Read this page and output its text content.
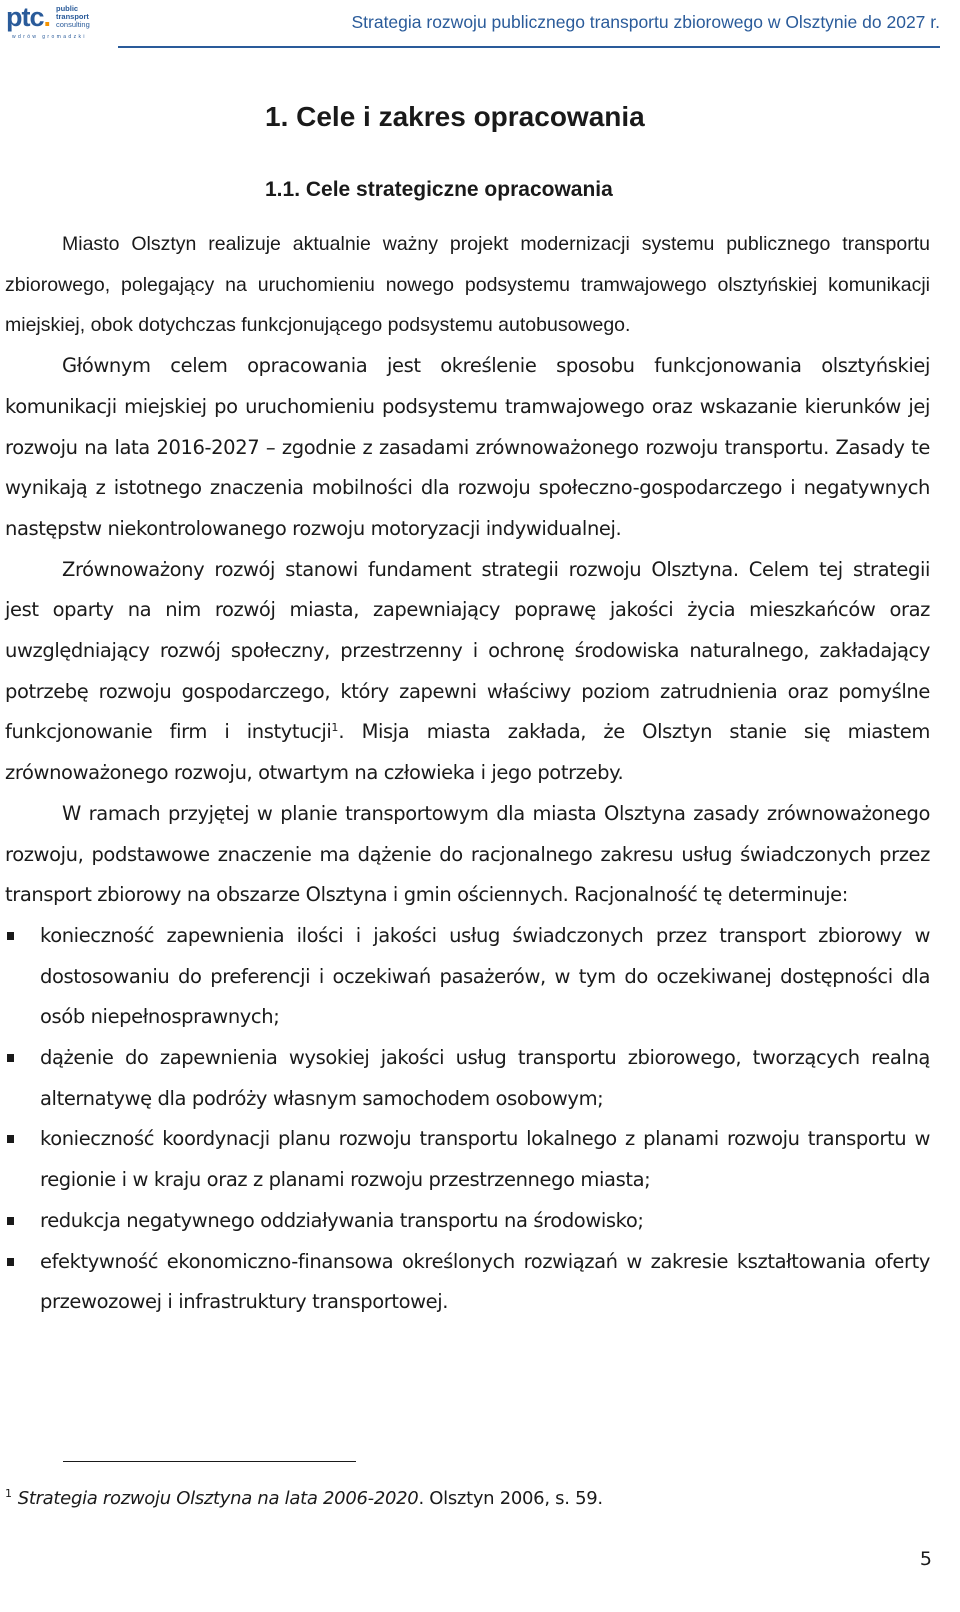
ptc. public
transport
consulting
wdrów gromadzki
Strategia rozwoju publicznego transportu zbiorowego w Olsztynie do 2027 r.
1. Cele i zakres opracowania
1.1. Cele strategiczne opracowania

Miasto Olsztyn realizuje aktualnie ważny projekt modernizacji systemu publicznego transportu zbiorowego, polegający na uruchomieniu nowego podsystemu tramwajowego olsztyńskiej komunikacji miejskiej, obok dotychczas funkcjonującego podsystemu autobusowego.

Głównym celem opracowania jest określenie sposobu funkcjonowania olsztyńskiej komunikacji miejskiej po uruchomieniu podsystemu tramwajowego oraz wskazanie kierunków jej rozwoju na lata 2016-2027 – zgodnie z zasadami zrównoważonego rozwoju transportu. Zasady te wynikają z istotnego znaczenia mobilności dla rozwoju społeczno-gospodarczego i negatywnych następstw niekontrolowanego rozwoju motoryzacji indywidualnej.

Zrównoważony rozwój stanowi fundament strategii rozwoju Olsztyna. Celem tej strategii jest oparty na nim rozwój miasta, zapewniający poprawę jakości życia mieszkańców oraz uwzględniający rozwój społeczny, przestrzenny i ochronę środowiska naturalnego, zakładający potrzebę rozwoju gospodarczego, który zapewni właściwy poziom zatrudnienia oraz pomyślne funkcjonowanie firm i instytucji$^1$. Misja miasta zakłada, że Olsztyn stanie się miastem zrównoważonego rozwoju, otwartym na człowieka i jego potrzeby.

W ramach przyjętej w planie transportowym dla miasta Olsztyna zasady zrównoważonego rozwoju, podstawowe znaczenie ma dążenie do racjonalnego zakresu usług świadczonych przez transport zbiorowy na obszarze Olsztyna i gmin ościennych. Racjonalność tę determinuje:

konieczność zapewnienia ilości i jakości usług świadczonych przez transport zbiorowy w dostosowaniu do preferencji i oczekiwań pasażerów, w tym do oczekiwanej dostępności dla osób niepełnosprawnych;
dążenie do zapewnienia wysokiej jakości usług transportu zbiorowego, tworzących realną alternatywę dla podróży własnym samochodem osobowym;
konieczność koordynacji planu rozwoju transportu lokalnego z planami rozwoju transportu w regionie i w kraju oraz z planami rozwoju przestrzennego miasta;
redukcja negatywnego oddziaływania transportu na środowisko;
efektywność ekonomiczno-finansowa określonych rozwiązań w zakresie kształtowania oferty przewozowej i infrastruktury transportowej.
$^1$ Strategia rozwoju Olsztyna na lata 2006-2020. Olsztyn 2006, s. 59.
5
